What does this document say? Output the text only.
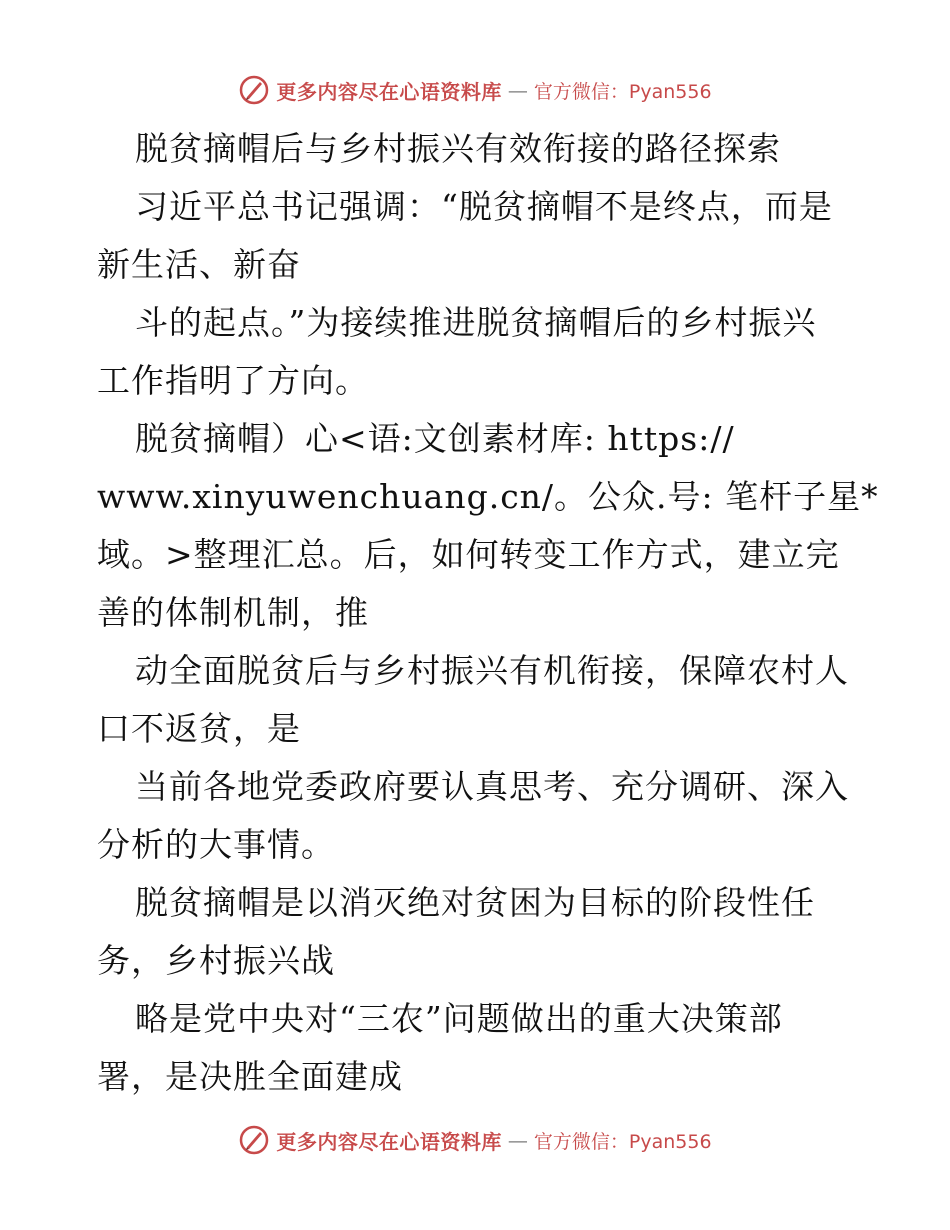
更多内容尽在心语资料库 — 官方微信：Pyan556
脱贫摘帽后与乡村振兴有效衔接的路径探索
习近平总书记强调：“脱贫摘帽不是终点，而是
新生活、新奋
斗的起点。”为接续推进脱贫摘帽后的乡村振兴
工作指明了方向。
脱贫摘帽）心<语:文创素材库: https://
www.xinyuwenchuang.cn/。公众.号: 笔杆子星*
域。>整理汇总。后，如何转变工作方式，建立完
善的体制机制，推
动全面脱贫后与乡村振兴有机衔接，保障农村人
口不返贫，是
当前各地党委政府要认真思考、充分调研、深入
分析的大事情。
脱贫摘帽是以消灭绝对贫困为目标的阶段性任
务，乡村振兴战
略是党中央对“三农”问题做出的重大决策部
署，是决胜全面建成
更多内容尽在心语资料库 — 官方微信：Pyan556
